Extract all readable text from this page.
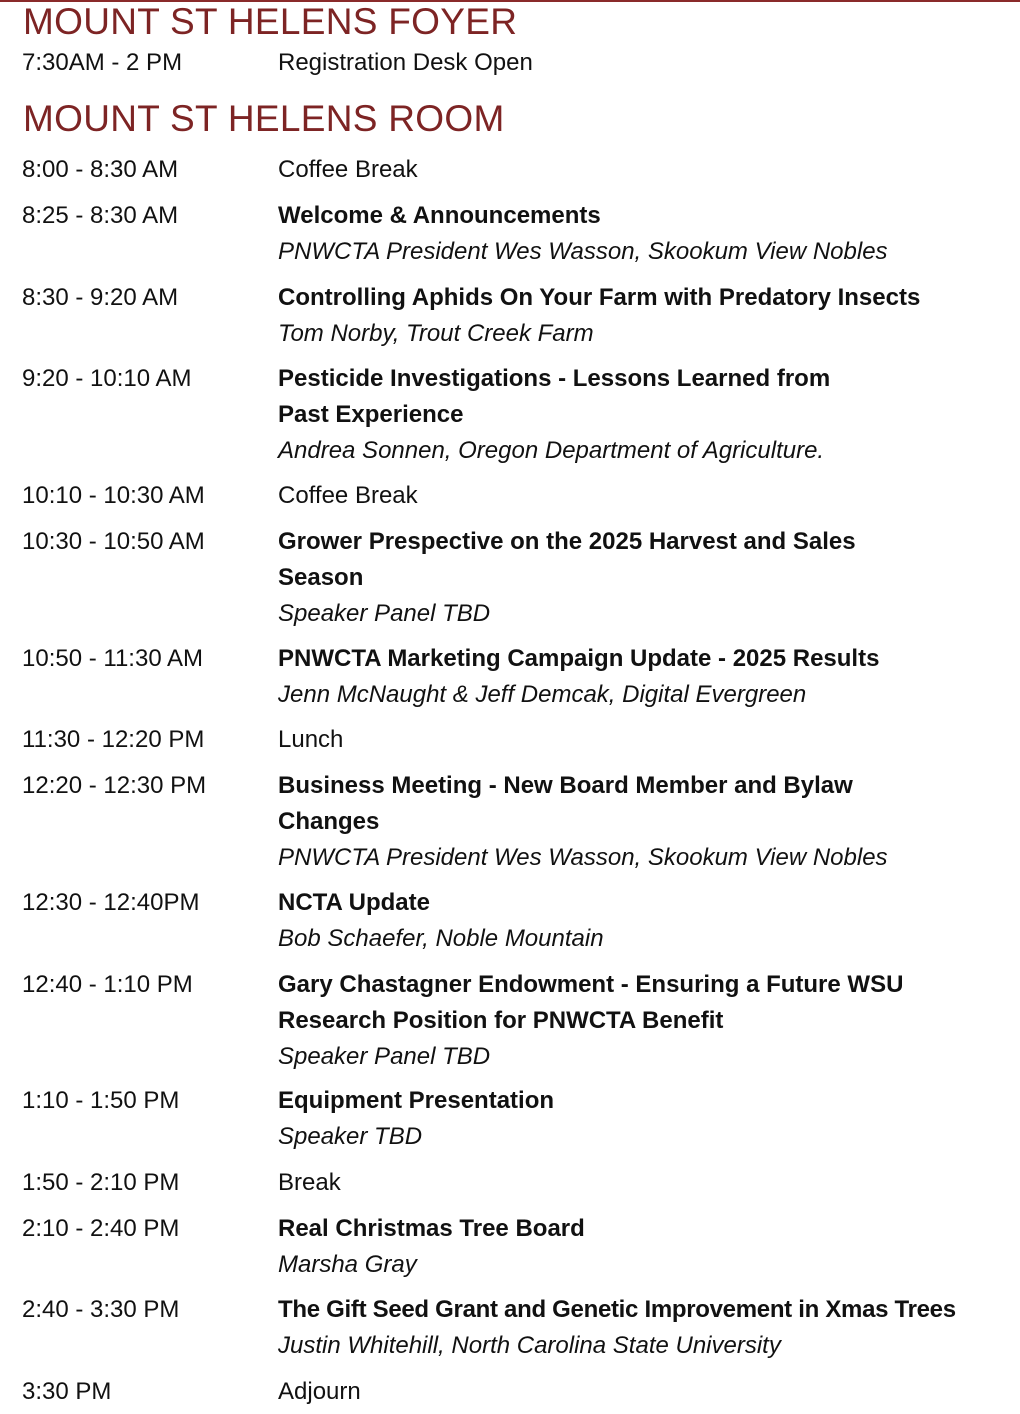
MOUNT ST HELENS FOYER
7:30AM - 2 PM	Registration Desk Open
MOUNT ST HELENS ROOM
8:00 - 8:30 AM	Coffee Break
8:25 - 8:30 AM	Welcome & Announcements
PNWCTA President Wes Wasson, Skookum View Nobles
8:30 - 9:20 AM	Controlling Aphids On Your Farm with Predatory Insects
Tom Norby, Trout Creek Farm
9:20 - 10:10 AM	Pesticide Investigations - Lessons Learned from
Past Experience
Andrea Sonnen, Oregon Department of Agriculture.
10:10 - 10:30 AM	Coffee Break
10:30 - 10:50 AM	Grower Prespective on the 2025 Harvest and Sales
Season
Speaker Panel TBD
10:50 - 11:30 AM	PNWCTA Marketing Campaign Update - 2025 Results
Jenn McNaught & Jeff Demcak, Digital Evergreen
11:30 - 12:20 PM	Lunch
12:20 - 12:30 PM	Business Meeting - New Board Member and Bylaw
Changes
PNWCTA President Wes Wasson, Skookum View Nobles
12:30 - 12:40PM	NCTA Update
Bob Schaefer, Noble Mountain
12:40 - 1:10 PM	Gary Chastagner Endowment - Ensuring a Future WSU
Research Position for PNWCTA Benefit
Speaker Panel TBD
1:10 - 1:50 PM	Equipment Presentation
Speaker TBD
1:50 - 2:10 PM	Break
2:10 - 2:40 PM	Real Christmas Tree Board
Marsha Gray
2:40 - 3:30 PM	The Gift Seed Grant and Genetic Improvement in Xmas Trees
Justin Whitehill, North Carolina State University
3:30 PM	Adjourn
